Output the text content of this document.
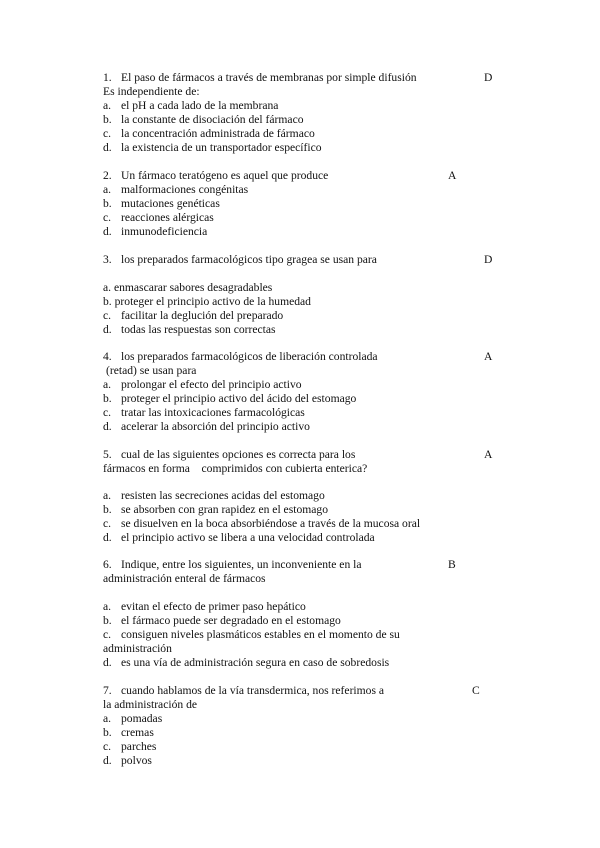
1. El paso de fármacos a través de membranas por simple difusión	D
Es independiente de:
a. el pH a cada lado de la membrana
b. la constante de disociación del fármaco
c. la concentración administrada de fármaco
d. la existencia de un transportador específico
2. Un fármaco teratógeno es aquel que produce	A
a. malformaciones congénitas
b. mutaciones genéticas
c. reacciones alérgicas
d. inmunodeficiencia
3. los preparados farmacológicos tipo gragea se usan para	D
a. enmascarar sabores desagradables
b. proteger el principio activo de la humedad
c. facilitar la deglución del preparado
d. todas las respuestas son correctas
4. los preparados farmacológicos de liberación controlada	A
(retad) se usan para
a. prolongar el efecto del principio activo
b. proteger el principio activo del ácido del estomago
c. tratar las intoxicaciones farmacológicas
d. acelerar la absorción del principio activo
5. cual de las siguientes opciones es correcta para los	A
fármacos en forma    comprimidos con cubierta enterica?
a. resisten las secreciones acidas del estomago
b. se absorben con gran rapidez en el estomago
c. se disuelven en la boca absorbiéndose a través de la mucosa oral
d. el principio activo se libera a una velocidad controlada
6. Indique, entre los siguientes, un inconveniente en la	B
administración enteral de fármacos
a. evitan el efecto de primer paso hepático
b. el fármaco puede ser degradado en el estomago
c. consiguen niveles plasmáticos estables en el momento de su
administración
d. es una vía de administración segura en caso de sobredosis
7. cuando hablamos de la vía transdermica, nos referimos a	C
la administración de
a. pomadas
b. cremas
c. parches
d. polvos
